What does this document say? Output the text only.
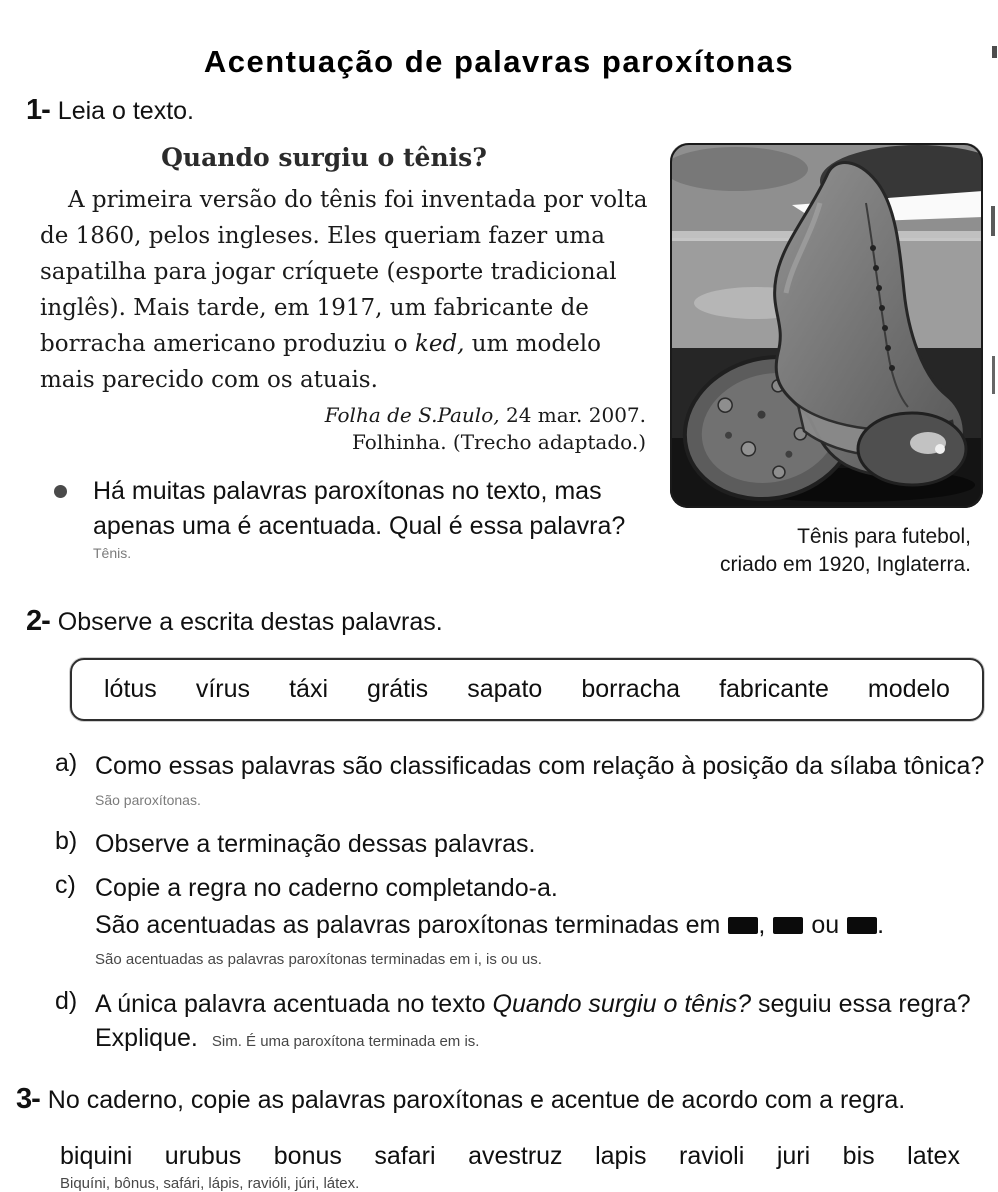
Acentuação de palavras paroxítonas
1- Leia o texto.
Quando surgiu o tênis?

A primeira versão do tênis foi inventada por volta de 1860, pelos ingleses. Eles queriam fazer uma sapatilha para jogar críquete (esporte tradicional inglês). Mais tarde, em 1917, um fabricante de borracha americano produziu o ked, um modelo mais parecido com os atuais.

Folha de S.Paulo, 24 mar. 2007.
Folhinha. (Trecho adaptado.)

Há muitas palavras paroxítonas no texto, mas apenas uma é acentuada. Qual é essa palavra?

Tênis.
Tênis para futebol,
criado em 1920, Inglaterra.
2- Observe a escrita destas palavras.
lótus vírus táxi grátis sapato borracha fabricante modelo
a) Como essas palavras são classificadas com relação à posição da sílaba tônica?

São paroxítonas.
b) Observe a terminação dessas palavras.

c) Copie a regra no caderno completando-a.

São acentuadas as palavras paroxítonas terminadas em , ou .

São acentuadas as palavras paroxítonas terminadas em i, is ou us.
d) A única palavra acentuada no texto Quando surgiu o tênis? seguiu essa regra? Explique. Sim. É uma paroxítona terminada em is.

3- No caderno, copie as palavras paroxítonas e acentue de acordo com a regra.
biquini urubus bonus safari avestruz lapis ravioli juri bis latex
Biquíni, bônus, safári, lápis, ravióli, júri, látex.
